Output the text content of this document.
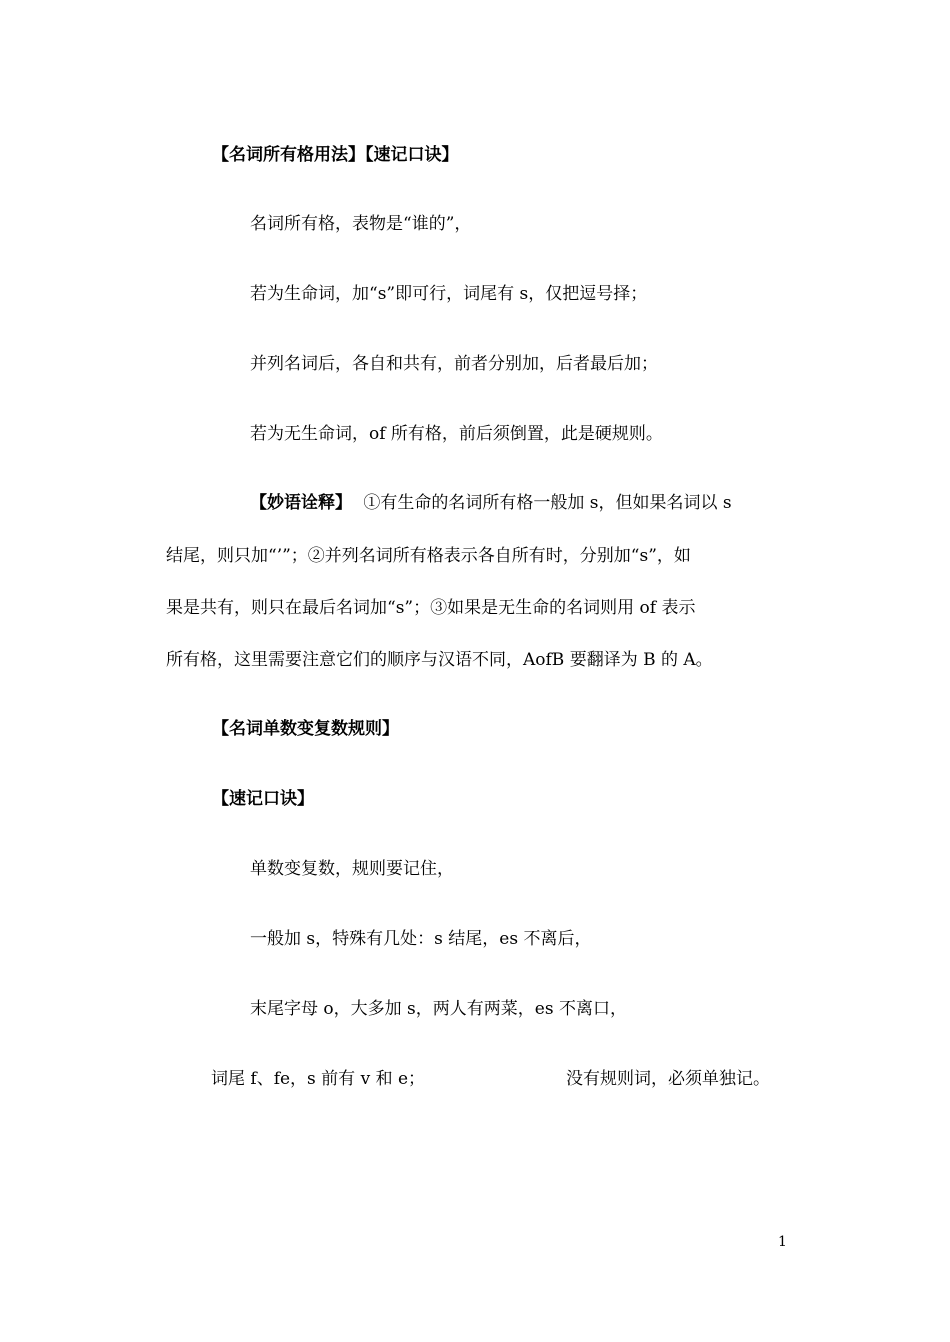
【名词所有格用法】【速记口诀】
名词所有格，表物是“谁的”，
若为生命词，加“s”即可行，词尾有 s，仅把逗号择；
并列名词后，各自和共有，前者分别加，后者最后加；
若为无生命词，of 所有格，前后须倒置，此是硬规则。
【妙语诠释】 ①有生命的名词所有格一般加 s，但如果名词以 s
结尾，则只加“’”；②并列名词所有格表示各自所有时，分别加“s”，如
果是共有，则只在最后名词加“s”；③如果是无生命的名词则用 of 表示
所有格，这里需要注意它们的顺序与汉语不同，AofB 要翻译为 B 的 A。
【名词单数变复数规则】
【速记口诀】
单数变复数，规则要记住，
一般加 s，特殊有几处：s 结尾，es 不离后，
末尾字母 o，大多加 s，两人有两菜，es 不离口，
词尾 f、fe，s 前有 v 和 e；	没有规则词，必须单独记。
1
